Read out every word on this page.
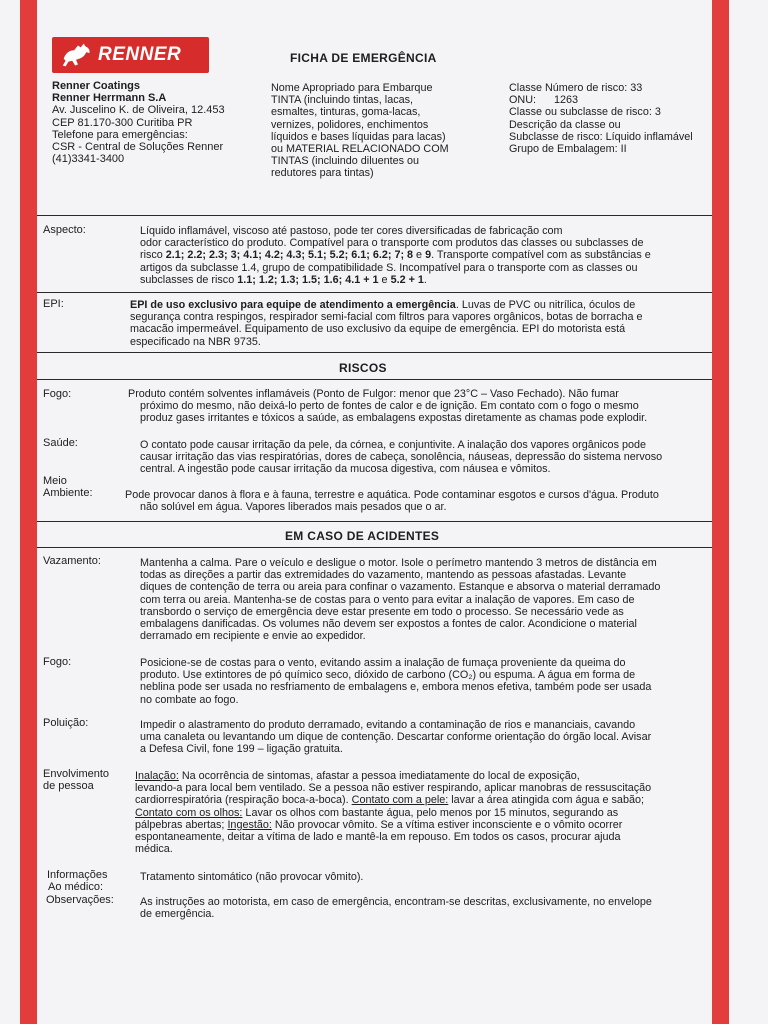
RENNER
Renner Coatings
Renner Herrmann S.A
Av. Juscelino K. de Oliveira, 12.453
CEP 81.170-300 Curitiba PR
Telefone para emergências:
CSR - Central de Soluções Renner
(41)3341-3400
FICHA DE EMERGÊNCIA
Nome Apropriado para Embarque
TINTA (incluindo tintas, lacas,
esmaltes, tinturas, goma-lacas,
vernizes, polidores, enchimentos
líquidos e bases líquidas para lacas)
ou MATERIAL RELACIONADO COM
TINTAS (incluindo diluentes ou
redutores para tintas)
Classe Número de risco: 33
ONU: 1263
Classe ou subclasse de risco: 3
Descrição da classe ou
Subclasse de risco: Líquido inflamável
Grupo de Embalagem: II
Aspecto:	Líquido inflamável, viscoso até pastoso, pode ter cores diversificadas de fabricação com
odor característico do produto. Compatível para o transporte com produtos das classes ou subclasses de
risco 2.1; 2.2; 2.3; 3; 4.1; 4.2; 4.3; 5.1; 5.2; 6.1; 6.2; 7; 8 e 9. Transporte compatível com as substâncias e
artigos da subclasse 1.4, grupo de compatibilidade S. Incompatível para o transporte com as classes ou
subclasses de risco 1.1; 1.2; 1.3; 1.5; 1.6; 4.1 + 1 e 5.2 + 1.
EPI:	EPI de uso exclusivo para equipe de atendimento a emergência. Luvas de PVC ou nitrílica, óculos de
segurança contra respingos, respirador semi-facial com filtros para vapores orgânicos, botas de borracha e
macacão impermeável. Equipamento de uso exclusivo da equipe de emergência. EPI do motorista está
especificado na NBR 9735.
RISCOS
Fogo:	Produto contém solventes inflamáveis (Ponto de Fulgor: menor que 23°C – Vaso Fechado). Não fumar
próximo do mesmo, não deixá-lo perto de fontes de calor e de ignição. Em contato com o fogo o mesmo
produz gases irritantes e tóxicos a saúde, as embalagens expostas diretamente as chamas pode explodir.
Saúde:	O contato pode causar irritação da pele, da córnea, e conjuntivite. A inalação dos vapores orgânicos pode
causar irritação das vias respiratórias, dores de cabeça, sonolência, náuseas, depressão do sistema nervoso
central. A ingestão pode causar irritação da mucosa digestiva, com náusea e vômitos.
Meio
Ambiente:	Pode provocar danos à flora e à fauna, terrestre e aquática. Pode contaminar esgotos e cursos d'água. Produto
não solúvel em água. Vapores liberados mais pesados que o ar.
EM CASO DE ACIDENTES
Vazamento:	Mantenha a calma. Pare o veículo e desligue o motor. Isole o perímetro mantendo 3 metros de distância em
todas as direções a partir das extremidades do vazamento, mantendo as pessoas afastadas. Levante
diques de contenção de terra ou areia para confinar o vazamento. Estanque e absorva o material derramado
com terra ou areia. Mantenha-se de costas para o vento para evitar a inalação de vapores. Em caso de
transbordo o serviço de emergência deve estar presente em todo o processo. Se necessário vede as
embalagens danificadas. Os volumes não devem ser expostos a fontes de calor. Acondicione o material
derramado em recipiente e envie ao expedidor.
Fogo:	Posicione-se de costas para o vento, evitando assim a inalação de fumaça proveniente da queima do
produto. Use extintores de pó químico seco, dióxido de carbono (CO₂) ou espuma. A água em forma de
neblina pode ser usada no resfriamento de embalagens e, embora menos efetiva, também pode ser usada
no combate ao fogo.
Poluição:	Impedir o alastramento do produto derramado, evitando a contaminação de rios e mananciais, cavando
uma canaleta ou levantando um dique de contenção. Descartar conforme orientação do órgão local. Avisar
a Defesa Civil, fone 199 – ligação gratuita.
Envolvimento
de pessoa
Inalação: Na ocorrência de sintomas, afastar a pessoa imediatamente do local de exposição,
levando-a para local bem ventilado. Se a pessoa não estiver respirando, aplicar manobras de ressuscitação
cardiorrespiratória (respiração boca-a-boca). Contato com a pele: lavar a área atingida com água e sabão;
Contato com os olhos: Lavar os olhos com bastante água, pelo menos por 15 minutos, segurando as
pálpebras abertas; Ingestão: Não provocar vômito. Se a vítima estiver inconsciente e o vômito ocorrer
espontaneamente, deitar a vítima de lado e mantê-la em repouso. Em todos os casos, procurar ajuda
médica.
Informações
Ao médico:
Tratamento sintomático (não provocar vômito).
Observações: As instruções ao motorista, em caso de emergência, encontram-se descritas, exclusivamente, no envelope
de emergência.
